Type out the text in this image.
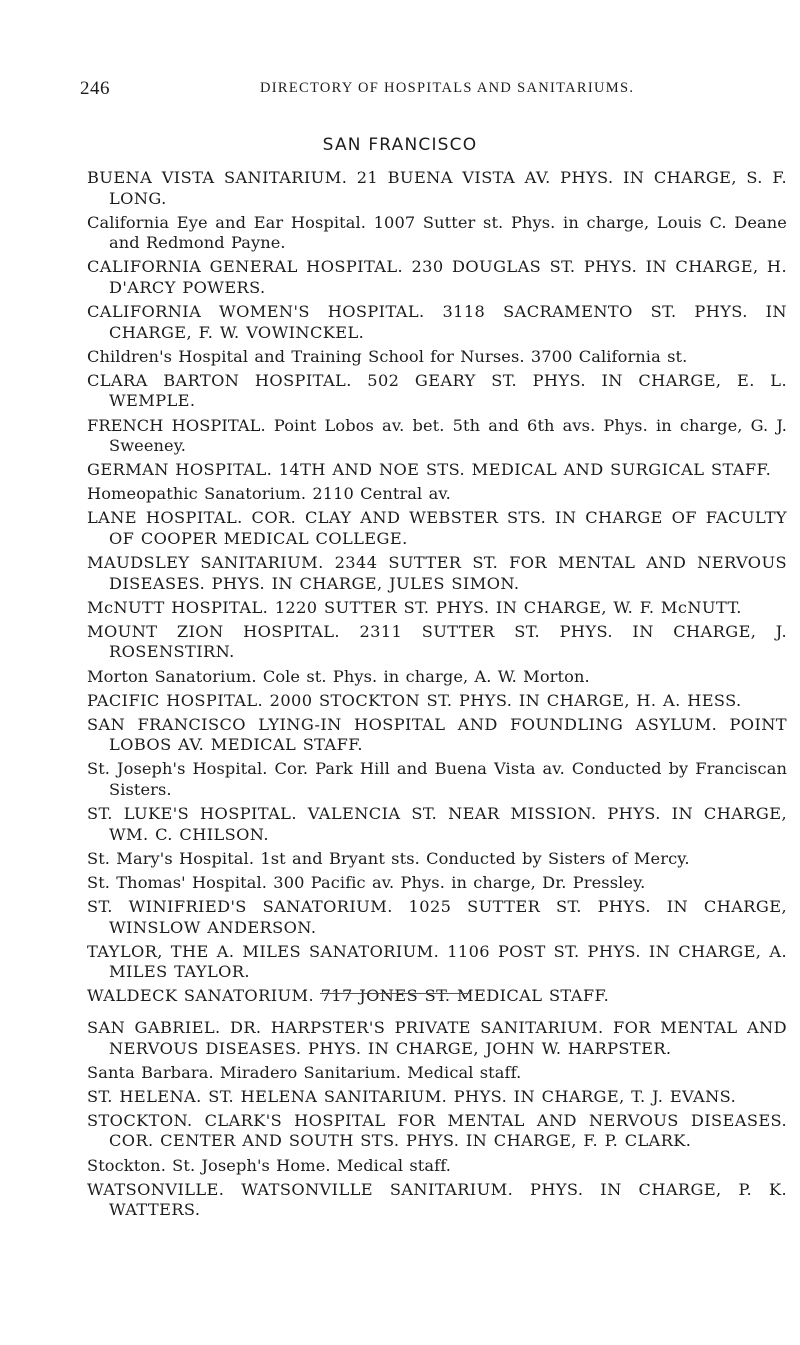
246	DIRECTORY OF HOSPITALS AND SANITARIUMS.
SAN FRANCISCO

BUENA VISTA SANITARIUM. 21 BUENA VISTA AV. PHYS. IN CHARGE, S. F. LONG.

California Eye and Ear Hospital. 1007 Sutter st. Phys. in charge, Louis C. Deane and Redmond Payne.

CALIFORNIA GENERAL HOSPITAL. 230 DOUGLAS ST. PHYS. IN CHARGE, H. D'ARCY POWERS.

CALIFORNIA WOMEN'S HOSPITAL. 3118 SACRAMENTO ST. PHYS. IN CHARGE, F. W. VOWINCKEL.

Children's Hospital and Training School for Nurses. 3700 California st.

CLARA BARTON HOSPITAL. 502 GEARY ST. PHYS. IN CHARGE, E. L. WEMPLE.

FRENCH HOSPITAL. Point Lobos av. bet. 5th and 6th avs. Phys. in charge, G. J. Sweeney.

GERMAN HOSPITAL. 14TH AND NOE STS. MEDICAL AND SURGICAL STAFF.

Homeopathic Sanatorium. 2110 Central av.

LANE HOSPITAL. COR. CLAY AND WEBSTER STS. IN CHARGE OF FACULTY OF COOPER MEDICAL COLLEGE.

MAUDSLEY SANITARIUM. 2344 SUTTER ST. FOR MENTAL AND NERVOUS DISEASES. PHYS. IN CHARGE, JULES SIMON.

McNUTT HOSPITAL. 1220 SUTTER ST. PHYS. IN CHARGE, W. F. McNUTT.

MOUNT ZION HOSPITAL. 2311 SUTTER ST. PHYS. IN CHARGE, J. ROSENSTIRN.

Morton Sanatorium. Cole st. Phys. in charge, A. W. Morton.

PACIFIC HOSPITAL. 2000 STOCKTON ST. PHYS. IN CHARGE, H. A. HESS.

SAN FRANCISCO LYING-IN HOSPITAL AND FOUNDLING ASYLUM. POINT LOBOS AV. MEDICAL STAFF.

St. Joseph's Hospital. Cor. Park Hill and Buena Vista av. Conducted by Franciscan Sisters.

ST. LUKE'S HOSPITAL. VALENCIA ST. NEAR MISSION. PHYS. IN CHARGE, WM. C. CHILSON.

St. Mary's Hospital. 1st and Bryant sts. Conducted by Sisters of Mercy.

St. Thomas' Hospital. 300 Pacific av. Phys. in charge, Dr. Pressley.

ST. WINIFRIED'S SANATORIUM. 1025 SUTTER ST. PHYS. IN CHARGE, WINSLOW ANDERSON.

TAYLOR, THE A. MILES SANATORIUM. 1106 POST ST. PHYS. IN CHARGE, A. MILES TAYLOR.

WALDECK SANATORIUM. 717 JONES ST. MEDICAL STAFF.

SAN GABRIEL. DR. HARPSTER'S PRIVATE SANITARIUM. FOR MENTAL AND NERVOUS DISEASES. PHYS. IN CHARGE, JOHN W. HARPSTER.

Santa Barbara. Miradero Sanitarium. Medical staff.

ST. HELENA. ST. HELENA SANITARIUM. PHYS. IN CHARGE, T. J. EVANS.

STOCKTON. CLARK'S HOSPITAL FOR MENTAL AND NERVOUS DISEASES. COR. CENTER AND SOUTH STS. PHYS. IN CHARGE, F. P. CLARK.

Stockton. St. Joseph's Home. Medical staff.

WATSONVILLE. WATSONVILLE SANITARIUM. PHYS. IN CHARGE, P. K. WATTERS.
